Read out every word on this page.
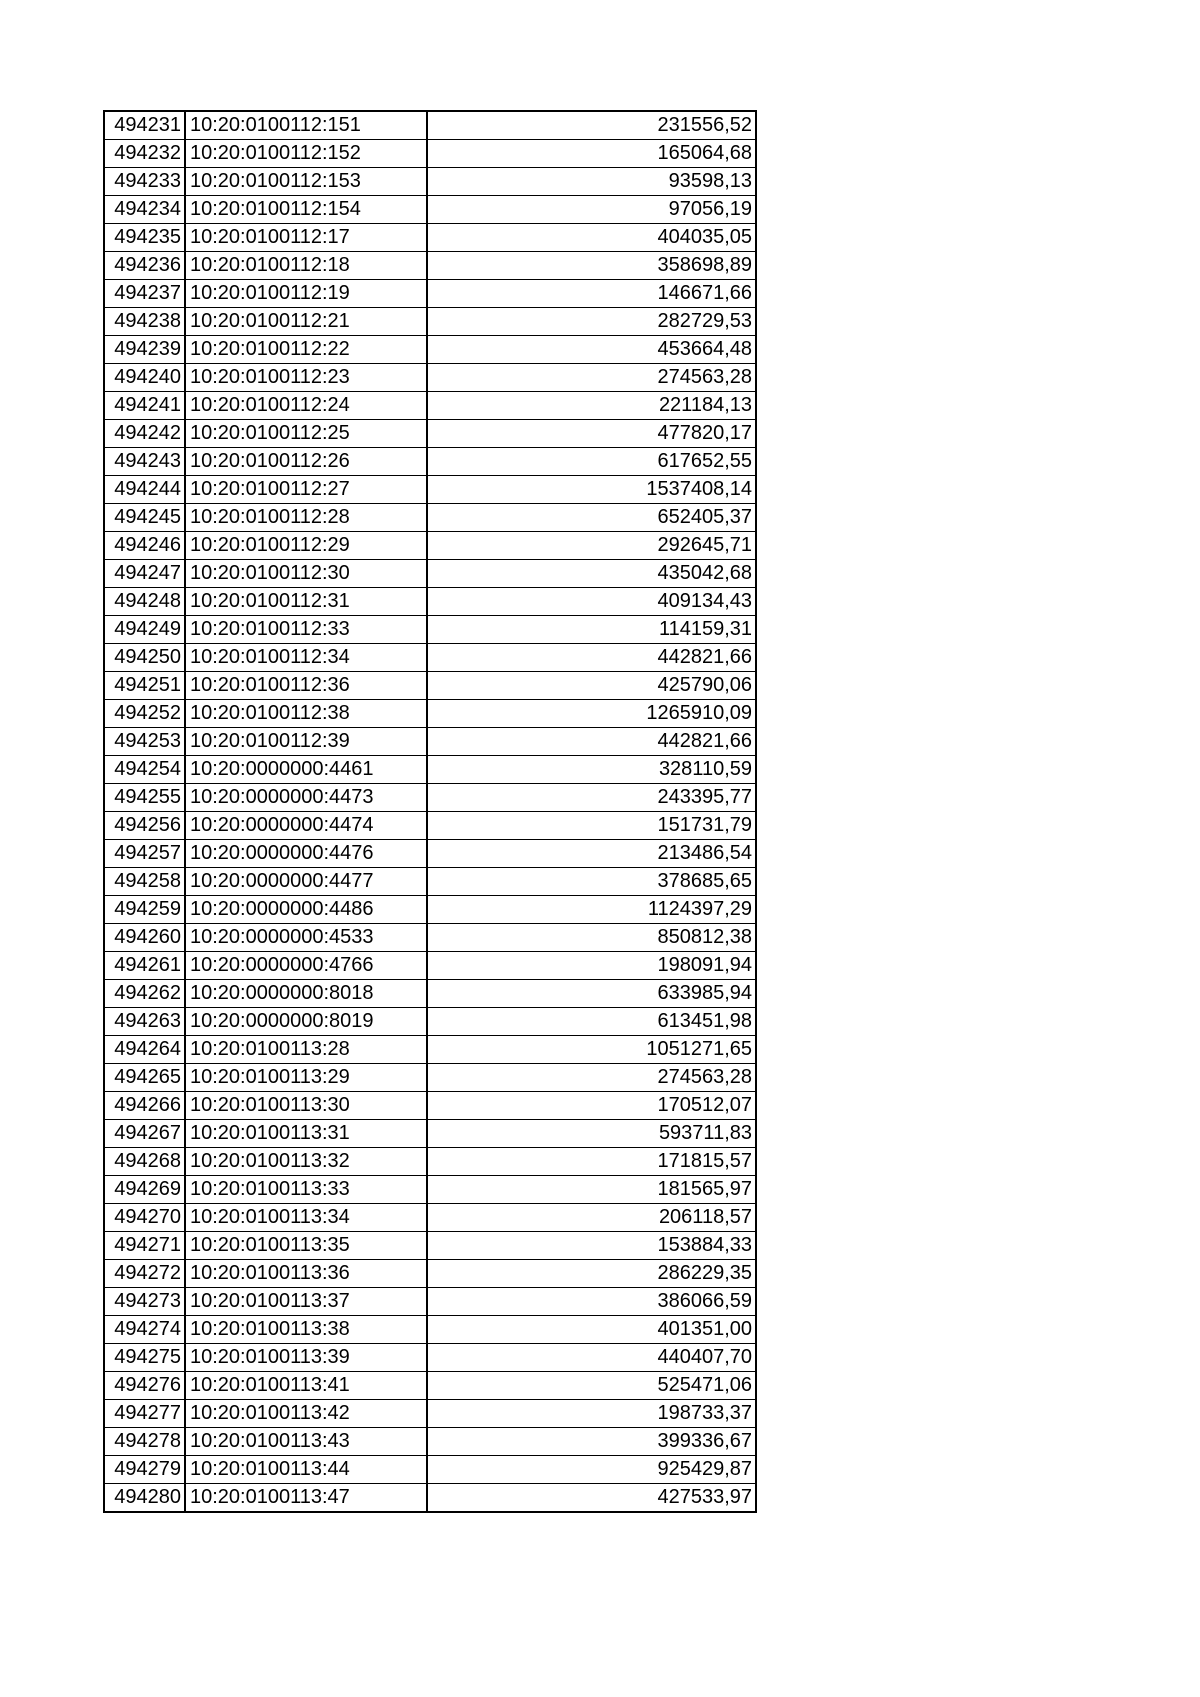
494231	10:20:0100112:151	231556,52
494232	10:20:0100112:152	165064,68
494233	10:20:0100112:153	93598,13
494234	10:20:0100112:154	97056,19
494235	10:20:0100112:17	404035,05
494236	10:20:0100112:18	358698,89
494237	10:20:0100112:19	146671,66
494238	10:20:0100112:21	282729,53
494239	10:20:0100112:22	453664,48
494240	10:20:0100112:23	274563,28
494241	10:20:0100112:24	221184,13
494242	10:20:0100112:25	477820,17
494243	10:20:0100112:26	617652,55
494244	10:20:0100112:27	1537408,14
494245	10:20:0100112:28	652405,37
494246	10:20:0100112:29	292645,71
494247	10:20:0100112:30	435042,68
494248	10:20:0100112:31	409134,43
494249	10:20:0100112:33	114159,31
494250	10:20:0100112:34	442821,66
494251	10:20:0100112:36	425790,06
494252	10:20:0100112:38	1265910,09
494253	10:20:0100112:39	442821,66
494254	10:20:0000000:4461	328110,59
494255	10:20:0000000:4473	243395,77
494256	10:20:0000000:4474	151731,79
494257	10:20:0000000:4476	213486,54
494258	10:20:0000000:4477	378685,65
494259	10:20:0000000:4486	1124397,29
494260	10:20:0000000:4533	850812,38
494261	10:20:0000000:4766	198091,94
494262	10:20:0000000:8018	633985,94
494263	10:20:0000000:8019	613451,98
494264	10:20:0100113:28	1051271,65
494265	10:20:0100113:29	274563,28
494266	10:20:0100113:30	170512,07
494267	10:20:0100113:31	593711,83
494268	10:20:0100113:32	171815,57
494269	10:20:0100113:33	181565,97
494270	10:20:0100113:34	206118,57
494271	10:20:0100113:35	153884,33
494272	10:20:0100113:36	286229,35
494273	10:20:0100113:37	386066,59
494274	10:20:0100113:38	401351,00
494275	10:20:0100113:39	440407,70
494276	10:20:0100113:41	525471,06
494277	10:20:0100113:42	198733,37
494278	10:20:0100113:43	399336,67
494279	10:20:0100113:44	925429,87
494280	10:20:0100113:47	427533,97
